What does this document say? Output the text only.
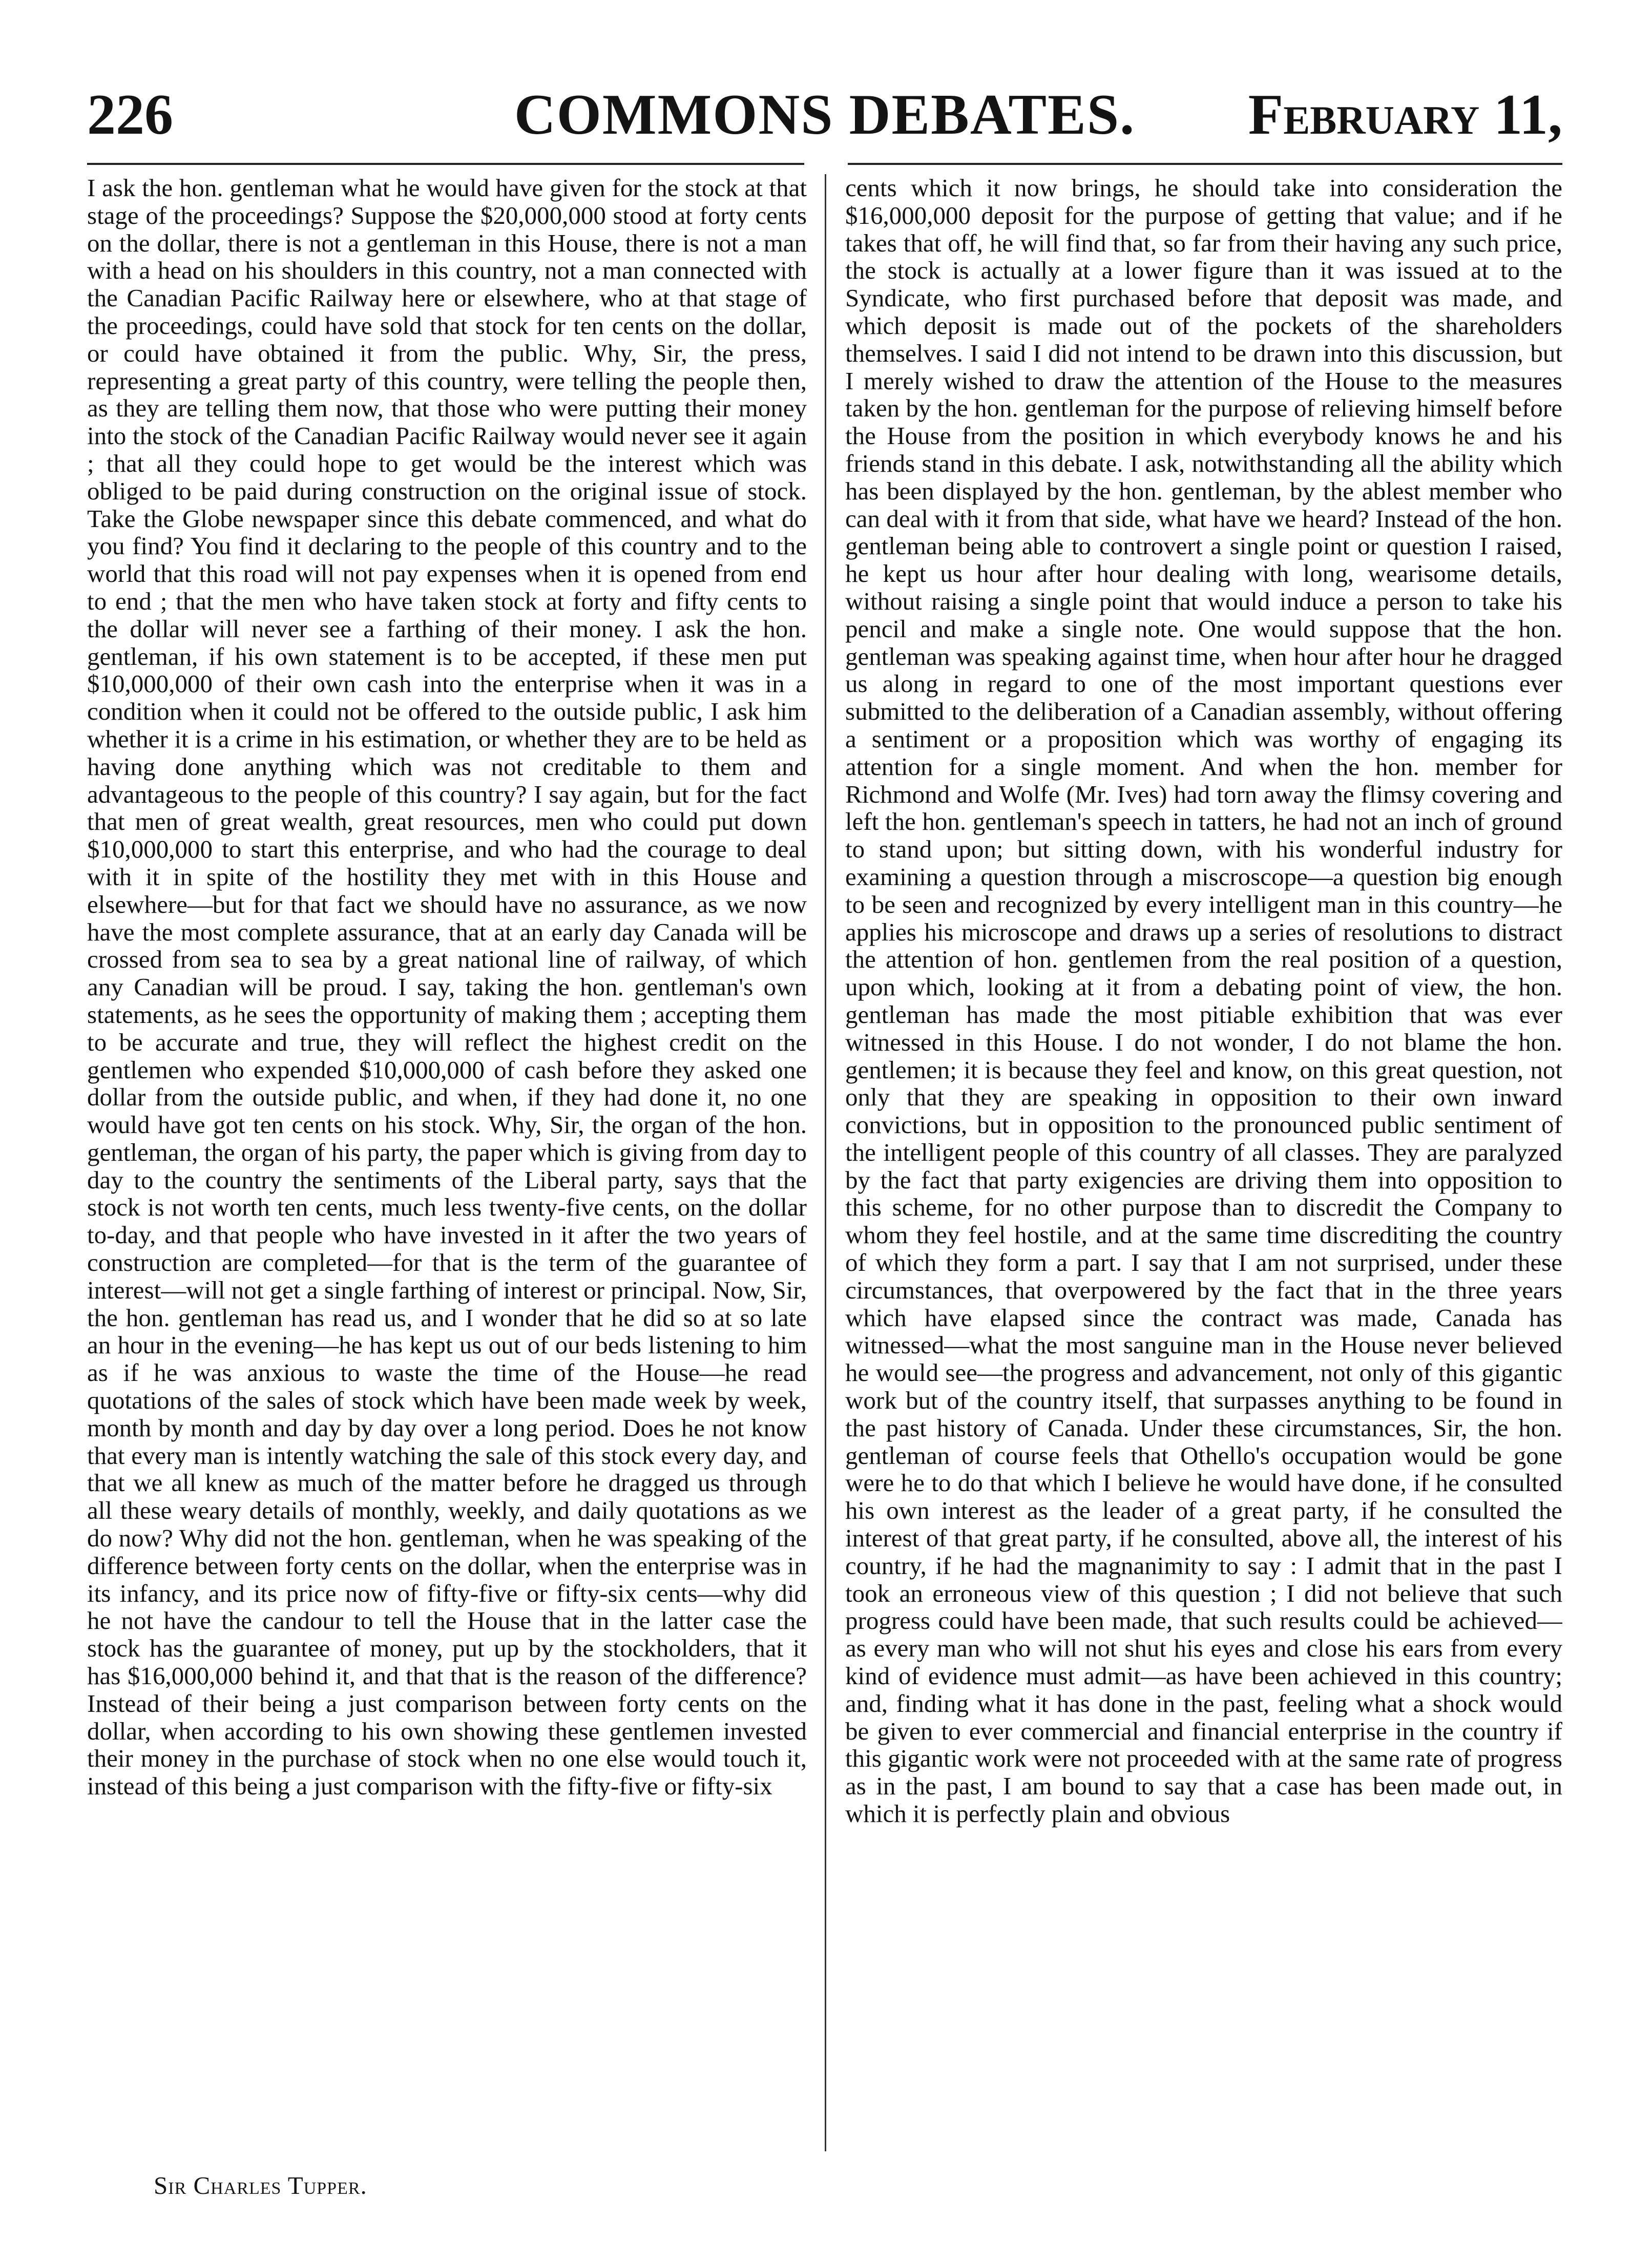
226	COMMONS DEBATES.	February 11,

I ask the hon. gentleman what he would have given for the stock at that stage of the proceedings? Suppose the $20,000,000 stood at forty cents on the dollar, there is not a gentleman in this House, there is not a man with a head on his shoulders in this country, not a man connected with the Canadian Pacific Railway here or elsewhere, who at that stage of the proceedings, could have sold that stock for ten cents on the dollar, or could have obtained it from the public. Why, Sir, the press, representing a great party of this country, were telling the people then, as they are telling them now, that those who were putting their money into the stock of the Canadian Pacific Railway would never see it again ; that all they could hope to get would be the interest which was obliged to be paid during construction on the original issue of stock. Take the Globe newspaper since this debate commenced, and what do you find? You find it declaring to the people of this country and to the world that this road will not pay expenses when it is opened from end to end ; that the men who have taken stock at forty and fifty cents to the dollar will never see a farthing of their money. I ask the hon. gentleman, if his own statement is to be accepted, if these men put $10,000,000 of their own cash into the enterprise when it was in a condition when it could not be offered to the outside public, I ask him whether it is a crime in his estimation, or whether they are to be held as having done anything which was not creditable to them and advantageous to the people of this country? I say again, but for the fact that men of great wealth, great resources, men who could put down $10,000,000 to start this enterprise, and who had the courage to deal with it in spite of the hostility they met with in this House and elsewhere—but for that fact we should have no assurance, as we now have the most complete assurance, that at an early day Canada will be crossed from sea to sea by a great national line of railway, of which any Canadian will be proud. I say, taking the hon. gentleman's own statements, as he sees the opportunity of making them ; accepting them to be accurate and true, they will reflect the highest credit on the gentlemen who expended $10,000,000 of cash before they asked one dollar from the outside public, and when, if they had done it, no one would have got ten cents on his stock. Why, Sir, the organ of the hon. gentleman, the organ of his party, the paper which is giving from day to day to the country the sentiments of the Liberal party, says that the stock is not worth ten cents, much less twenty-five cents, on the dollar to-day, and that people who have invested in it after the two years of construction are completed—for that is the term of the guarantee of interest—will not get a single farthing of interest or principal. Now, Sir, the hon. gentleman has read us, and I wonder that he did so at so late an hour in the evening—he has kept us out of our beds listening to him as if he was anxious to waste the time of the House—he read quotations of the sales of stock which have been made week by week, month by month and day by day over a long period. Does he not know that every man is intently watching the sale of this stock every day, and that we all knew as much of the matter before he dragged us through all these weary details of monthly, weekly, and daily quotations as we do now? Why did not the hon. gentleman, when he was speaking of the difference between forty cents on the dollar, when the enterprise was in its infancy, and its price now of fifty-five or fifty-six cents—why did he not have the candour to tell the House that in the latter case the stock has the guarantee of money, put up by the stockholders, that it has $16,000,000 behind it, and that that is the reason of the difference? Instead of their being a just comparison between forty cents on the dollar, when according to his own showing these gentlemen invested their money in the purchase of stock when no one else would touch it, instead of this being a just comparison with the fifty-five or fifty-six

cents which it now brings, he should take into consideration the $16,000,000 deposit for the purpose of getting that value; and if he takes that off, he will find that, so far from their having any such price, the stock is actually at a lower figure than it was issued at to the Syndicate, who first purchased before that deposit was made, and which deposit is made out of the pockets of the shareholders themselves. I said I did not intend to be drawn into this discussion, but I merely wished to draw the attention of the House to the measures taken by the hon. gentleman for the purpose of relieving himself before the House from the position in which everybody knows he and his friends stand in this debate. I ask, notwithstanding all the ability which has been displayed by the hon. gentleman, by the ablest member who can deal with it from that side, what have we heard? Instead of the hon. gentleman being able to controvert a single point or question I raised, he kept us hour after hour dealing with long, wearisome details, without raising a single point that would induce a person to take his pencil and make a single note. One would suppose that the hon. gentleman was speaking against time, when hour after hour he dragged us along in regard to one of the most important questions ever submitted to the deliberation of a Canadian assembly, without offering a sentiment or a proposition which was worthy of engaging its attention for a single moment. And when the hon. member for Richmond and Wolfe (Mr. Ives) had torn away the flimsy covering and left the hon. gentleman's speech in tatters, he had not an inch of ground to stand upon; but sitting down, with his wonderful industry for examining a question through a miscroscope—a question big enough to be seen and recognized by every intelligent man in this country—he applies his microscope and draws up a series of resolutions to distract the attention of hon. gentlemen from the real position of a question, upon which, looking at it from a debating point of view, the hon. gentleman has made the most pitiable exhibition that was ever witnessed in this House. I do not wonder, I do not blame the hon. gentlemen; it is because they feel and know, on this great question, not only that they are speaking in opposition to their own inward convictions, but in opposition to the pronounced public sentiment of the intelligent people of this country of all classes. They are paralyzed by the fact that party exigencies are driving them into opposition to this scheme, for no other purpose than to discredit the Company to whom they feel hostile, and at the same time discrediting the country of which they form a part. I say that I am not surprised, under these circumstances, that overpowered by the fact that in the three years which have elapsed since the contract was made, Canada has witnessed—what the most sanguine man in the House never believed he would see—the progress and advancement, not only of this gigantic work but of the country itself, that surpasses anything to be found in the past history of Canada. Under these circumstances, Sir, the hon. gentleman of course feels that Othello's occupation would be gone were he to do that which I believe he would have done, if he consulted his own interest as the leader of a great party, if he consulted the interest of that great party, if he consulted, above all, the interest of his country, if he had the magnanimity to say : I admit that in the past I took an erroneous view of this question ; I did not believe that such progress could have been made, that such results could be achieved—as every man who will not shut his eyes and close his ears from every kind of evidence must admit—as have been achieved in this country; and, finding what it has done in the past, feeling what a shock would be given to ever commercial and financial enterprise in the country if this gigantic work were not proceeded with at the same rate of progress as in the past, I am bound to say that a case has been made out, in which it is perfectly plain and obvious

Sir Charles Tupper.
